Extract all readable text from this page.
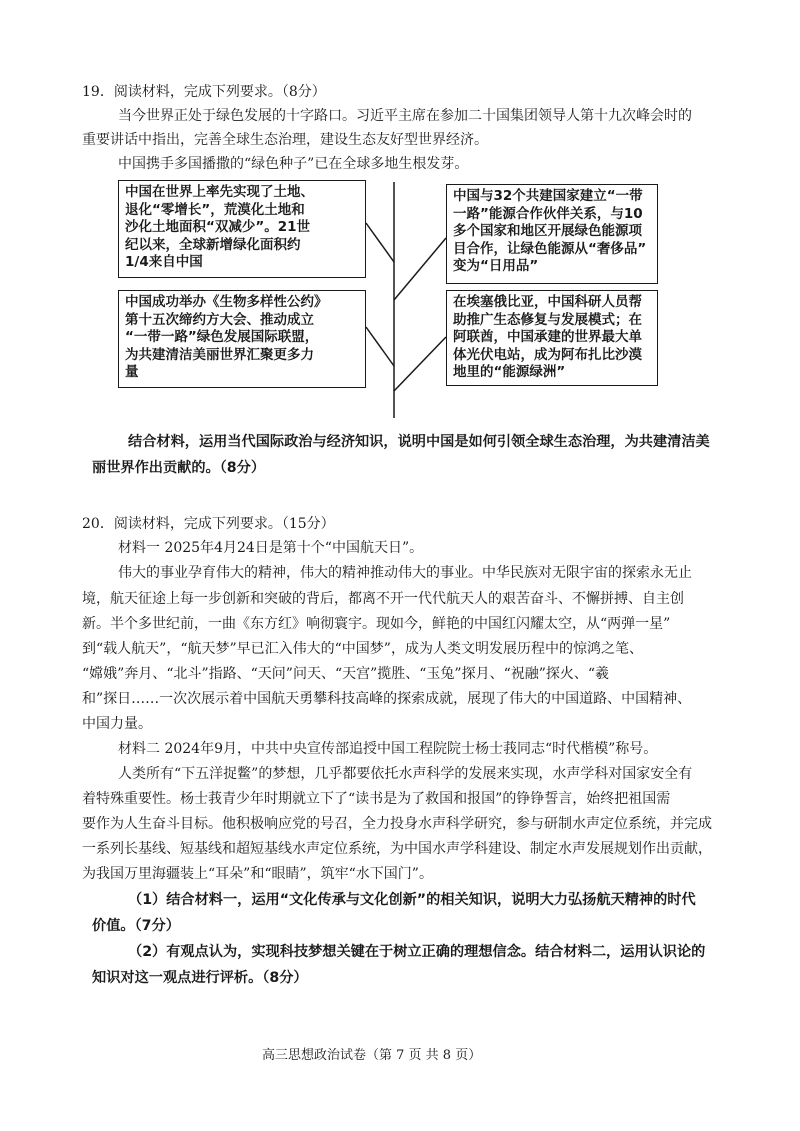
19．阅读材料，完成下列要求。（8分）
当今世界正处于绿色发展的十字路口。习近平主席在参加二十国集团领导人第十九次峰会时的
重要讲话中指出，完善全球生态治理，建设生态友好型世界经济。
中国携手多国播撒的“绿色种子”已在全球多地生根发芽。
中国在世界上率先实现了土地、
退化“零增长”，荒漠化土地和
沙化土地面积“双减少”。21世
纪以来，全球新增绿化面积约
1/4来自中国
中国与32个共建国家建立“一带
一路”能源合作伙伴关系，与10
多个国家和地区开展绿色能源项
目合作，让绿色能源从“奢侈品”
变为“日用品”
中国成功举办《生物多样性公约》
第十五次缔约方大会、推动成立
“一带一路”绿色发展国际联盟，
为共建清洁美丽世界汇聚更多力
量
在埃塞俄比亚，中国科研人员帮
助推广生态修复与发展模式；在
阿联酋，中国承建的世界最大单
体光伏电站，成为阿布扎比沙漠
地里的“能源绿洲”
结合材料，运用当代国际政治与经济知识，说明中国是如何引领全球生态治理，为共建清洁美
丽世界作出贡献的。（8分）
20．阅读材料，完成下列要求。（15分）
材料一 2025年4月24日是第十个“中国航天日”。
伟大的事业孕育伟大的精神，伟大的精神推动伟大的事业。中华民族对无限宇宙的探索永无止
境，航天征途上每一步创新和突破的背后，都离不开一代代航天人的艰苦奋斗、不懈拼搏、自主创
新。半个多世纪前，一曲《东方红》响彻寰宇。现如今，鲜艳的中国红闪耀太空，从“两弹一星”
到“载人航天”，“航天梦”早已汇入伟大的“中国梦”，成为人类文明发展历程中的惊鸿之笔、
“嫦娥”奔月、“北斗”指路、“天问”问天、“天宫”揽胜、“玉兔”探月、“祝融”探火、“羲
和”探日……一次次展示着中国航天勇攀科技高峰的探索成就，展现了伟大的中国道路、中国精神、
中国力量。
材料二 2024年9月，中共中央宣传部追授中国工程院院士杨士莪同志“时代楷模”称号。
人类所有“下五洋捉鳖”的梦想，几乎都要依托水声科学的发展来实现，水声学科对国家安全有
着特殊重要性。杨士莪青少年时期就立下了“读书是为了救国和报国”的铮铮誓言，始终把祖国需
要作为人生奋斗目标。他积极响应党的号召，全力投身水声科学研究，参与研制水声定位系统，并完成
一系列长基线、短基线和超短基线水声定位系统，为中国水声学科建设、制定水声发展规划作出贡献，
为我国万里海疆装上“耳朵”和“眼睛”，筑牢“水下国门”。
（1）结合材料一，运用“文化传承与文化创新”的相关知识，说明大力弘扬航天精神的时代
价值。（7分）
（2）有观点认为，实现科技梦想关键在于树立正确的理想信念。结合材料二，运用认识论的
知识对这一观点进行评析。（8分）
高三思想政治试卷（第 7 页 共 8 页）
